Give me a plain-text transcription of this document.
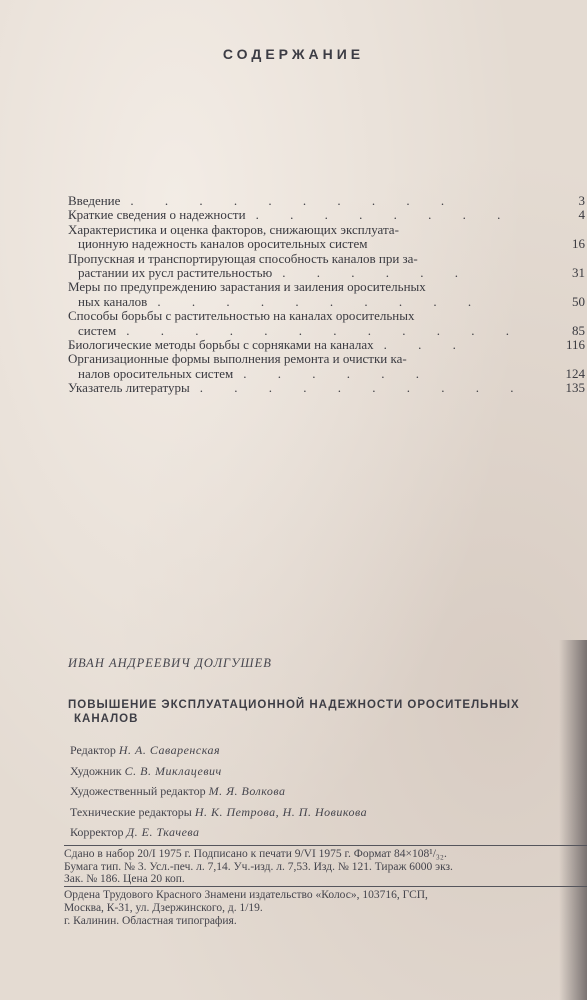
СОДЕРЖАНИЕ
Введение . . . . . . . . . .	3
Краткие сведения о надежности . . . . . . . .	4
Характеристика и оценка факторов, снижающих эксплуата-
ционную надежность каналов оросительных систем	16
Пропускная и транспортирующая способность каналов при за-
растании их русл растительностью . . . . . .	31
Меры по предупреждению зарастания и заиления оросительных
ных каналов . . . . . . . . . .	50
Способы борьбы с растительностью на каналах оросительных
систем . . . . . . . . . . . .	85
Биологические методы борьбы с сорняками на каналах . . .	116
Организационные формы выполнения ремонта и очистки ка-
налов оросительных систем . . . . . .	124
Указатель литературы . . . . . . . . . .	135
ИВАН АНДРЕЕВИЧ ДОЛГУШЕВ
ПОВЫШЕНИЕ ЭКСПЛУАТАЦИОННОЙ НАДЕЖНОСТИ ОРОСИТЕЛЬНЫХ
КАНАЛОВ
Редактор Н. А. Саваренская
Художник С. В. Миклацевич
Художественный редактор М. Я. Волкова
Технические редакторы Н. К. Петрова, Н. П. Новикова
Корректор Д. Е. Ткачева
Сдано в набор 20/I 1975 г. Подписано к печати 9/VI 1975 г. Формат 84×108¹/₃₂.
Бумага тип. № 3. Усл.-печ. л. 7,14. Уч.-изд. л. 7,53. Изд. № 121. Тираж 6000 экз.
Зак. № 186. Цена 20 коп.
Ордена Трудового Красного Знамени издательство «Колос», 103716, ГСП,
Москва, К-31, ул. Дзержинского, д. 1/19.
г. Калинин. Областная типография.
